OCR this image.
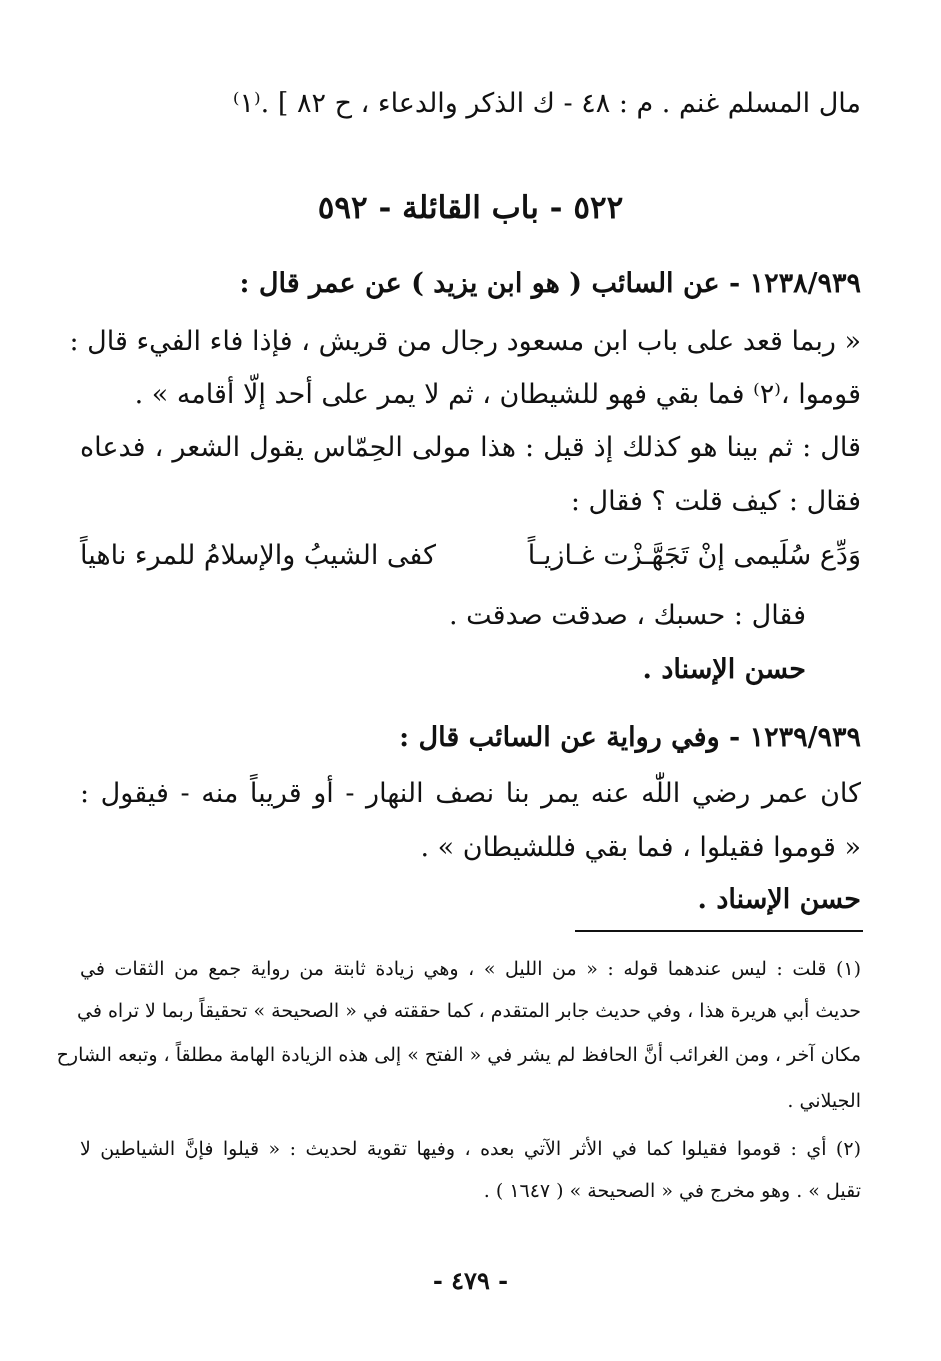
مال المسلم غنم . م : ٤٨ - ك الذكر والدعاء ، ح ٨٢ ] .⁽١⁾
٥٢٢ - باب القائلة - ٥٩٢
١٢٣٨/٩٣٩ - عن السائب ( هو ابن يزيد ) عن عمر قال :
« ربما قعد على باب ابن مسعود رجال من قريش ، فإذا فاء الفيء قال :
قوموا ،⁽٢⁾ فما بقي فهو للشيطان ، ثم لا يمر على أحد إلّا أقامه » .
قال : ثم بينا هو كذلك إذ قيل : هذا مولى الحِمّاس يقول الشعر ، فدعاه
فقال : كيف قلت ؟ فقال :
وَدِّع سُلَيمى إنْ تَجَهَّـزْت غـازيـاً
كفى الشيبُ والإسلامُ للمرء ناهياً
فقال : حسبك ، صدقت صدقت .
حسن الإسناد .
١٢٣٩/٩٣٩ - وفي رواية عن السائب قال :
كان عمر رضي اللّٰه عنه يمر بنا نصف النهار - أو قريباً منه - فيقول :
« قوموا فقيلوا ، فما بقي فللشيطان » .
حسن الإسناد .
(١) قلت : ليس عندهما قوله : « من الليل » ، وهي زيادة ثابتة من رواية جمع من الثقات في
حديث أبي هريرة هذا ، وفي حديث جابر المتقدم ، كما حققته في « الصحيحة » تحقيقاً ربما لا تراه في
مكان آخر ، ومن الغرائب أنَّ الحافظ لم يشر في « الفتح » إلى هذه الزيادة الهامة مطلقاً ، وتبعه الشارح
الجيلاني .
(٢) أي : قوموا فقيلوا كما في الأثر الآتي بعده ، وفيها تقوية لحديث : « قيلوا فإنَّ الشياطين لا
تقيل » . وهو مخرج في « الصحيحة » ( ١٦٤٧ ) .
- ٤٧٩ -
